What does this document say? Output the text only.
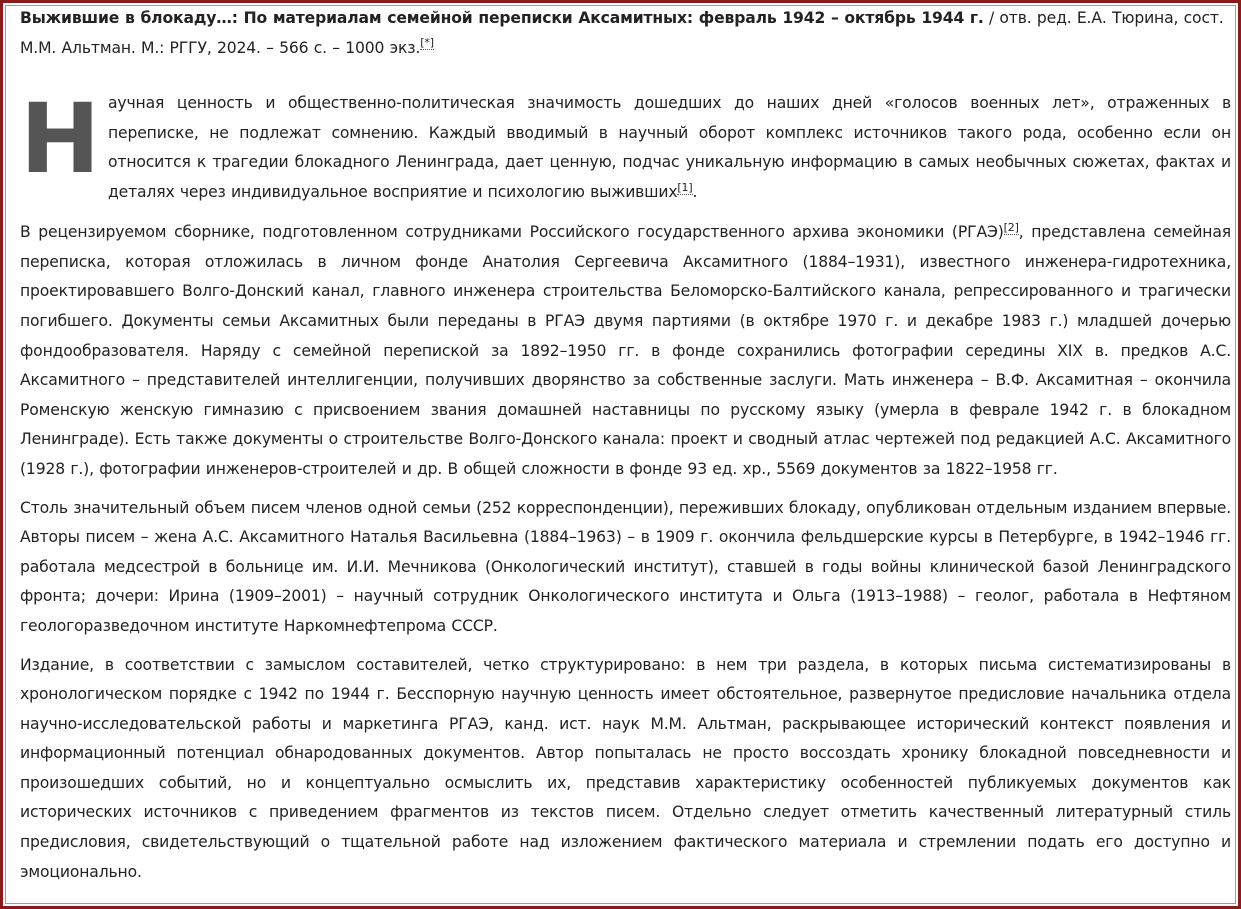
Выжившие в блокаду…: По материалам семейной переписки Аксамитных: февраль 1942 – октябрь 1944 г. / отв. ред. Е.А. Тюрина, сост. М.М. Альтман. М.: РГГУ, 2024. – 566 с. – 1000 экз.[*]

Н аучная ценность и общественно-политическая значимость дошедших до наших дней «голосов военных лет», отраженных в переписке, не подлежат сомнению. Каждый вводимый в научный оборот комплекс источников такого рода, особенно если он относится к трагедии блокадного Ленинграда, дает ценную, подчас уникальную информацию в самых необычных сюжетах, фактах и деталях через индивидуальное восприятие и психологию выживших[1].

В рецензируемом сборнике, подготовленном сотрудниками Российского государственного архива экономики (РГАЭ)[2], представлена семейная переписка, которая отложилась в личном фонде Анатолия Сергеевича Аксамитного (1884–1931), известного инженера-гидротехника, проектировавшего Волго-Донский канал, главного инженера строительства Беломорско-Балтийского канала, репрессированного и трагически погибшего. Документы семьи Аксамитных были переданы в РГАЭ двумя партиями (в октябре 1970 г. и декабре 1983 г.) младшей дочерью фондообразователя. Наряду с семейной перепиской за 1892–1950 гг. в фонде сохранились фотографии середины XIX в. предков А.С. Аксамитного – представителей интеллигенции, получивших дворянство за собственные заслуги. Мать инженера – В.Ф. Аксамитная – окончила Роменскую женскую гимназию с присвоением звания домашней наставницы по русскому языку (умерла в феврале 1942 г. в блокадном Ленинграде). Есть также документы о строительстве Волго-Донского канала: проект и сводный атлас чертежей под редакцией А.С. Аксамитного (1928 г.), фотографии инженеров-строителей и др. В общей сложности в фонде 93 ед. хр., 5569 документов за 1822–1958 гг.

Столь значительный объем писем членов одной семьи (252 корреспонденции), переживших блокаду, опубликован отдельным изданием впервые. Авторы писем – жена А.С. Аксамитного Наталья Васильевна (1884–1963) – в 1909 г. окончила фельдшерские курсы в Петербурге, в 1942–1946 гг. работала медсестрой в больнице им. И.И. Мечникова (Онкологический институт), ставшей в годы войны клинической базой Ленинградского фронта; дочери: Ирина (1909–2001) – научный сотрудник Онкологического института и Ольга (1913–1988) – геолог, работала в Нефтяном геологоразведочном институте Наркомнефтепрома СССР.

Издание, в соответствии с замыслом составителей, четко структурировано: в нем три раздела, в которых письма систематизированы в хронологическом порядке с 1942 по 1944 г. Бесспорную научную ценность имеет обстоятельное, развернутое предисловие начальника отдела научно-исследовательской работы и маркетинга РГАЭ, канд. ист. наук М.М. Альтман, раскрывающее исторический контекст появления и информационный потенциал обнародованных документов. Автор попыталась не просто воссоздать хронику блокадной повседневности и произошедших событий, но и концептуально осмыслить их, представив характеристику особенностей публикуемых документов как исторических источников с приведением фрагментов из текстов писем. Отдельно следует отметить качественный литературный стиль предисловия, свидетельствующий о тщательной работе над изложением фактического материала и стремлении подать его доступно и эмоционально.
